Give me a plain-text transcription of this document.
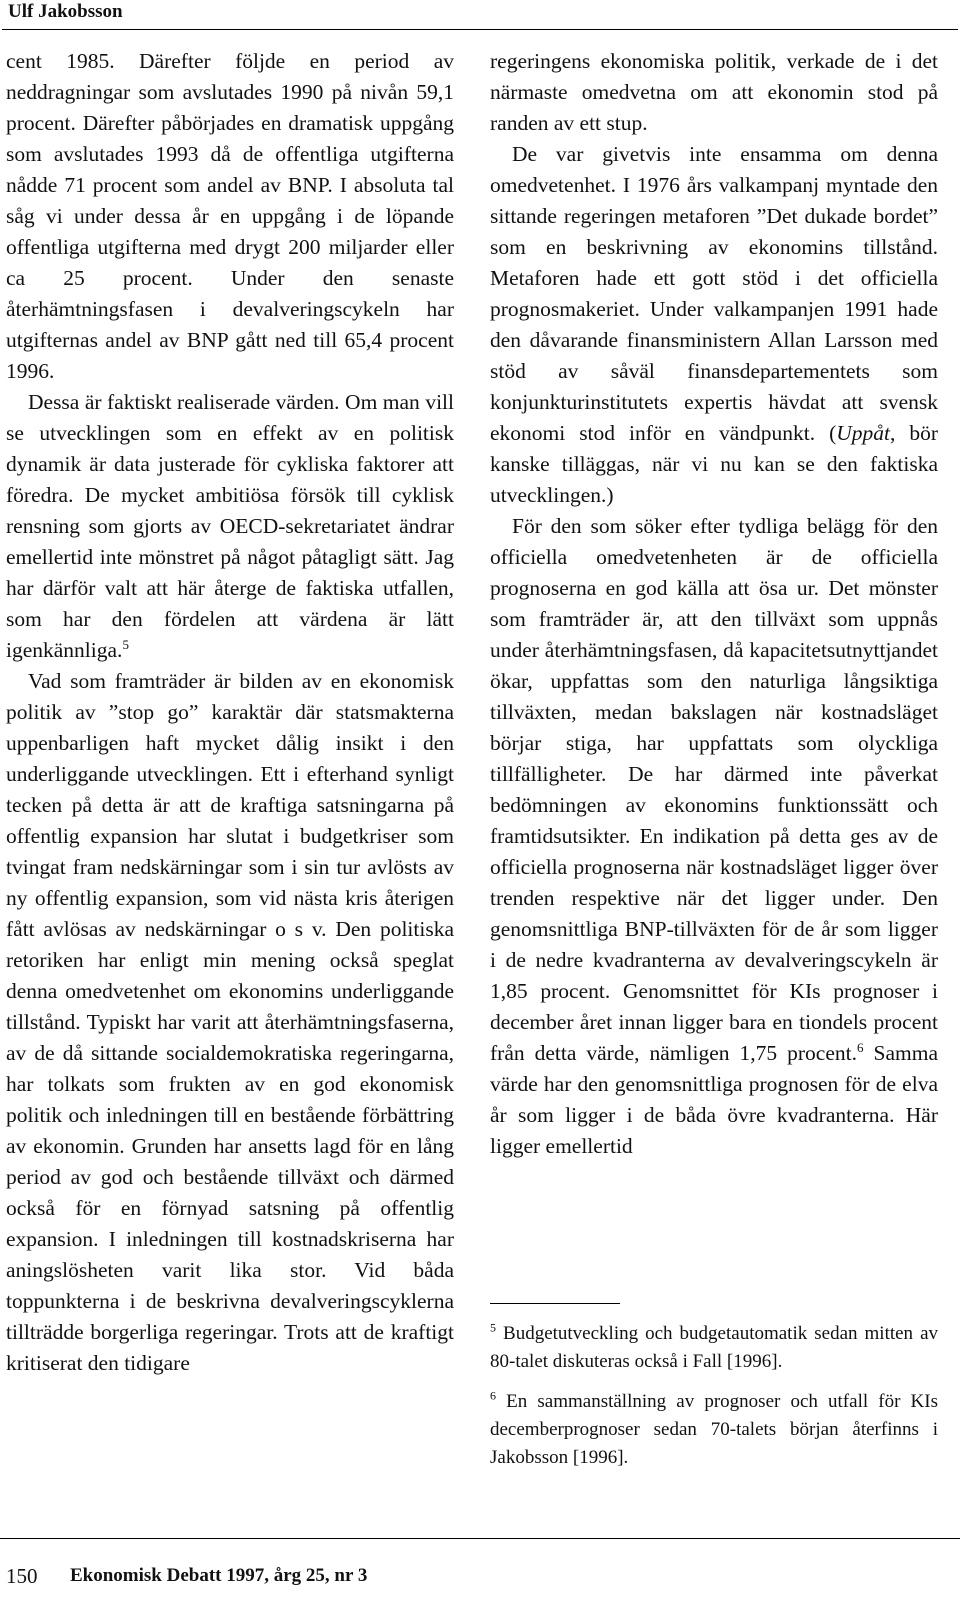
Ulf Jakobsson

cent 1985. Därefter följde en period av neddragningar som avslutades 1990 på nivån 59,1 procent. Därefter påbörjades en dramatisk uppgång som avslutades 1993 då de offentliga utgifterna nådde 71 procent som andel av BNP. I absoluta tal såg vi under dessa år en uppgång i de löpande offentliga utgifterna med drygt 200 miljarder eller ca 25 procent. Under den senaste återhämtningsfasen i devalveringscykeln har utgifternas andel av BNP gått ned till 65,4 procent 1996.

Dessa är faktiskt realiserade värden. Om man vill se utvecklingen som en effekt av en politisk dynamik är data justerade för cykliska faktorer att föredra. De mycket ambitiösa försök till cyklisk rensning som gjorts av OECD-sekretariatet ändrar emellertid inte mönstret på något påtagligt sätt. Jag har därför valt att här återge de faktiska utfallen, som har den fördelen att värdena är lätt igenkännliga.$^5$

Vad som framträder är bilden av en ekonomisk politik av ”stop go” karaktär där statsmakterna uppenbarligen haft mycket dålig insikt i den underliggande utvecklingen. Ett i efterhand synligt tecken på detta är att de kraftiga satsningarna på offentlig expansion har slutat i budgetkriser som tvingat fram nedskärningar som i sin tur avlösts av ny offentlig expansion, som vid nästa kris återigen fått avlösas av nedskärningar o s v. Den politiska retoriken har enligt min mening också speglat denna omedvetenhet om ekonomins underliggande tillstånd. Typiskt har varit att återhämtningsfaserna, av de då sittande socialdemokratiska regeringarna, har tolkats som frukten av en god ekonomisk politik och inledningen till en bestående förbättring av ekonomin. Grunden har ansetts lagd för en lång period av god och bestående tillväxt och därmed också för en förnyad satsning på offentlig expansion. I inledningen till kostnadskriserna har aningslösheten varit lika stor. Vid båda toppunkterna i de beskrivna devalveringscyklerna tillträdde borgerliga regeringar. Trots att de kraftigt kritiserat den tidigare

regeringens ekonomiska politik, verkade de i det närmaste omedvetna om att ekonomin stod på randen av ett stup.

De var givetvis inte ensamma om denna omedvetenhet. I 1976 års valkampanj myntade den sittande regeringen metaforen ”Det dukade bordet” som en beskrivning av ekonomins tillstånd. Metaforen hade ett gott stöd i det officiella prognosmakeriet. Under valkampanjen 1991 hade den dåvarande finansministern Allan Larsson med stöd av såväl finansdepartementets som konjunkturinstitutets expertis hävdat att svensk ekonomi stod inför en vändpunkt. (Uppåt, bör kanske tilläggas, när vi nu kan se den faktiska utvecklingen.)

För den som söker efter tydliga belägg för den officiella omedvetenheten är de officiella prognoserna en god källa att ösa ur. Det mönster som framträder är, att den tillväxt som uppnås under återhämtningsfasen, då kapacitetsutnyttjandet ökar, uppfattas som den naturliga långsiktiga tillväxten, medan bakslagen när kostnadsläget börjar stiga, har uppfattats som olyckliga tillfälligheter. De har därmed inte påverkat bedömningen av ekonomins funktionssätt och framtidsutsikter. En indikation på detta ges av de officiella prognoserna när kostnadsläget ligger över trenden respektive när det ligger under. Den genomsnittliga BNP-tillväxten för de år som ligger i de nedre kvadranterna av devalveringscykeln är 1,85 procent. Genomsnittet för KIs prognoser i december året innan ligger bara en tiondels procent från detta värde, nämligen 1,75 procent.$^6$ Samma värde har den genomsnittliga prognosen för de elva år som ligger i de båda övre kvadranterna. Här ligger emellertid

$^5$ Budgetutveckling och budgetautomatik sedan mitten av 80-talet diskuteras också i Fall [1996].

$^6$ En sammanställning av prognoser och utfall för KIs decemberprognoser sedan 70-talets början återfinns i Jakobsson [1996].

150 Ekonomisk Debatt 1997, årg 25, nr 3
